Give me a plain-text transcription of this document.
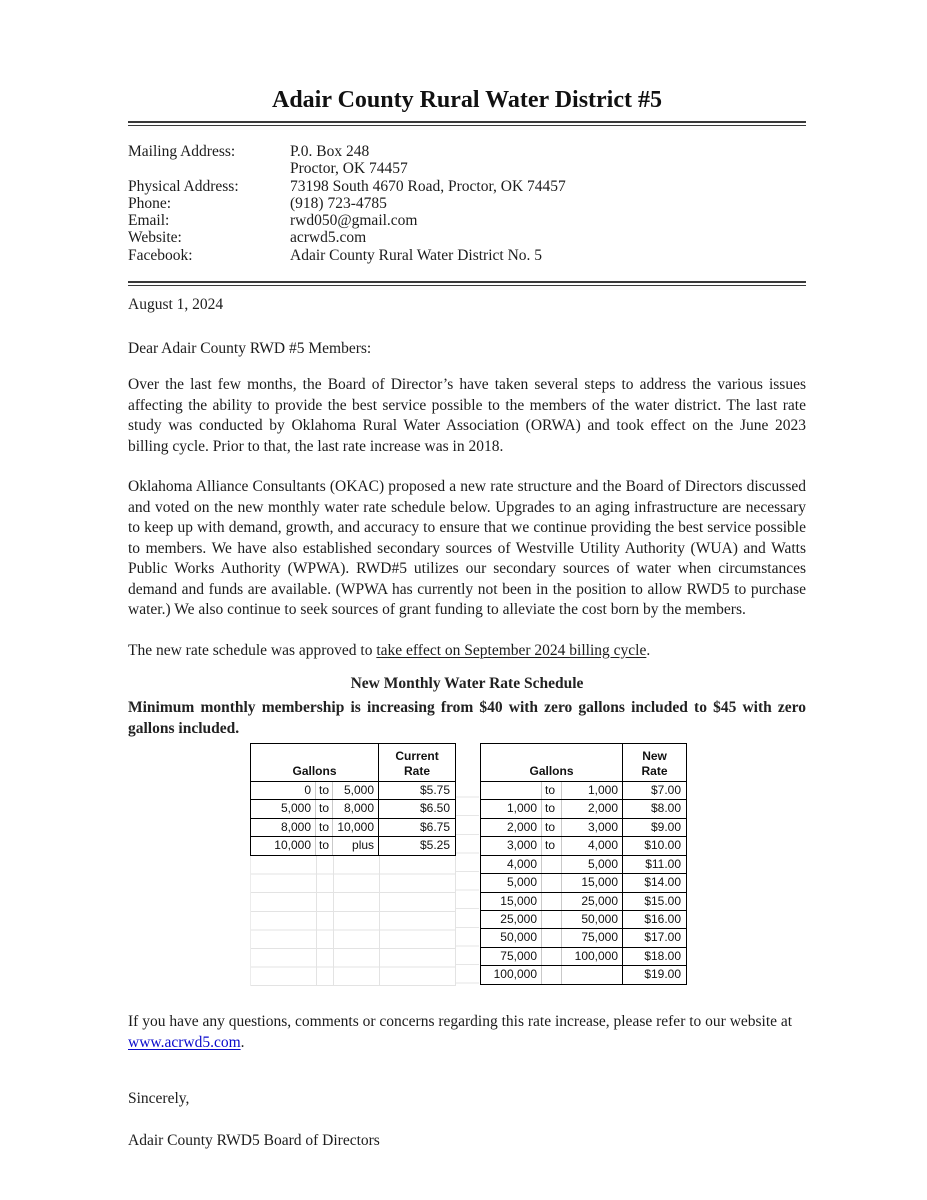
Adair County Rural Water District #5
Mailing Address:	P.0. Box 248
Proctor, OK 74457
Physical Address:	73198 South 4670 Road, Proctor, OK 74457
Phone:	(918) 723-4785
Email:	rwd050@gmail.com
Website:	acrwd5.com
Facebook:	Adair County Rural Water District No. 5
August 1, 2024
Dear Adair County RWD #5 Members:

Over the last few months, the Board of Director’s have taken several steps to address the various issues affecting the ability to provide the best service possible to the members of the water district. The last rate study was conducted by Oklahoma Rural Water Association (ORWA) and took effect on the June 2023 billing cycle. Prior to that, the last rate increase was in 2018.

Oklahoma Alliance Consultants (OKAC) proposed a new rate structure and the Board of Directors discussed and voted on the new monthly water rate schedule below. Upgrades to an aging infrastructure are necessary to keep up with demand, growth, and accuracy to ensure that we continue providing the best service possible to members. We have also established secondary sources of Westville Utility Authority (WUA) and Watts Public Works Authority (WPWA). RWD#5 utilizes our secondary sources of water when circumstances demand and funds are available. (WPWA has currently not been in the position to allow RWD5 to purchase water.) We also continue to seek sources of grant funding to alleviate the cost born by the members.

The new rate schedule was approved to take effect on September 2024 billing cycle.
New Monthly Water Rate Schedule

Minimum monthly membership is increasing from $40 with zero gallons included to $45 with zero gallons included.

Gallons			Current
Rate
0	to	5,000	$5.75
5,000	to	8,000	$6.50
8,000	to	10,000	$6.75
10,000	to	plus	$5.25
Gallons			New
Rate
	to	1,000	$7.00
1,000	to	2,000	$8.00
2,000	to	3,000	$9.00
3,000	to	4,000	$10.00
4,000		5,000	$11.00
5,000		15,000	$14.00
15,000		25,000	$15.00
25,000		50,000	$16.00
50,000		75,000	$17.00
75,000		100,000	$18.00
100,000			$19.00
If you have any questions, comments or concerns regarding this rate increase, please refer to our website at www.acrwd5.com.
Sincerely,
Adair County RWD5 Board of Directors
